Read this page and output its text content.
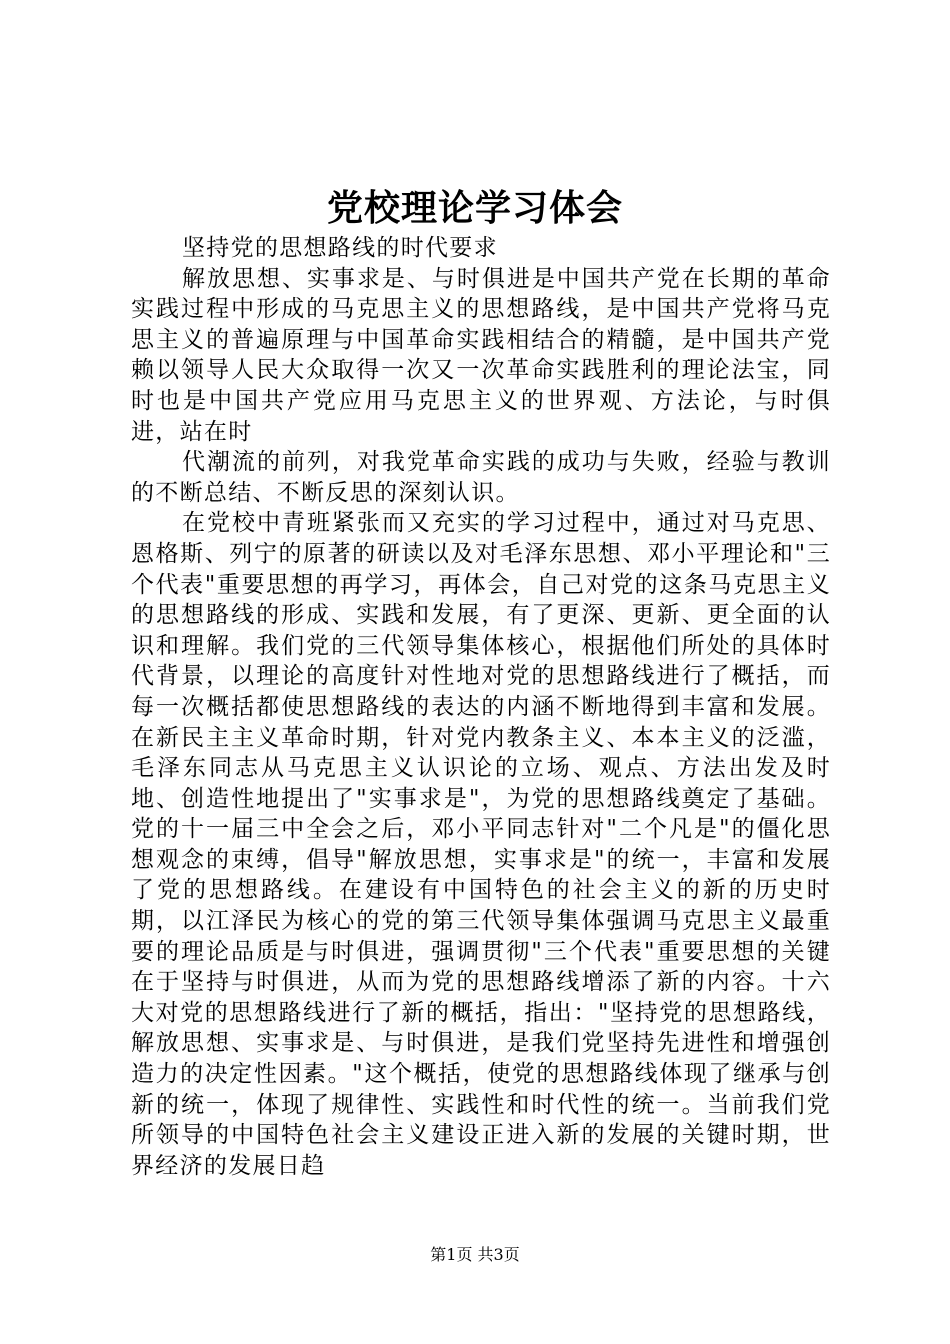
党校理论学习体会

坚持党的思想路线的时代要求

解放思想、实事求是、与时俱进是中国共产党在长期的革命实践过程中形成的马克思主义的思想路线，是中国共产党将马克思主义的普遍原理与中国革命实践相结合的精髓，是中国共产党赖以领导人民大众取得一次又一次革命实践胜利的理论法宝，同时也是中国共产党应用马克思主义的世界观、方法论，与时俱进，站在时

代潮流的前列，对我党革命实践的成功与失败，经验与教训的不断总结、不断反思的深刻认识。

在党校中青班紧张而又充实的学习过程中，通过对马克思、恩格斯、列宁的原著的研读以及对毛泽东思想、邓小平理论和"三个代表"重要思想的再学习，再体会，自己对党的这条马克思主义的思想路线的形成、实践和发展，有了更深、更新、更全面的认识和理解。我们党的三代领导集体核心，根据他们所处的具体时代背景，以理论的高度针对性地对党的思想路线进行了概括，而每一次概括都使思想路线的表达的内涵不断地得到丰富和发展。在新民主主义革命时期，针对党内教条主义、本本主义的泛滥，毛泽东同志从马克思主义认识论的立场、观点、方法出发及时地、创造性地提出了"实事求是"，为党的思想路线奠定了基础。党的十一届三中全会之后，邓小平同志针对"二个凡是"的僵化思想观念的束缚，倡导"解放思想，实事求是"的统一，丰富和发展了党的思想路线。在建设有中国特色的社会主义的新的历史时期，以江泽民为核心的党的第三代领导集体强调马克思主义最重要的理论品质是与时俱进，强调贯彻"三个代表"重要思想的关键在于坚持与时俱进，从而为党的思想路线增添了新的内容。十六大对党的思想路线进行了新的概括，指出："坚持党的思想路线，解放思想、实事求是、与时俱进，是我们党坚持先进性和增强创造力的决定性因素。"这个概括，使党的思想路线体现了继承与创新的统一，体现了规律性、实践性和时代性的统一。当前我们党所领导的中国特色社会主义建设正进入新的发展的关键时期，世界经济的发展日趋

第1页 共3页
